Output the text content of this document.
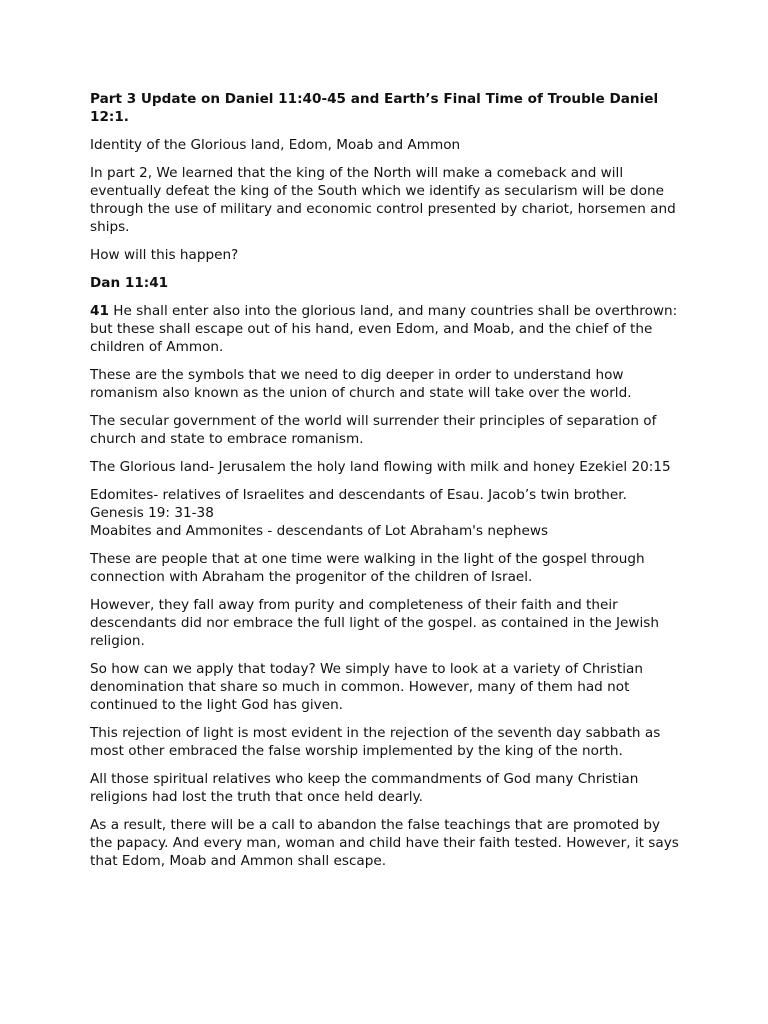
Part 3 Update on Daniel 11:40-45 and Earth’s Final Time of Trouble Daniel 12:1.

Identity of the Glorious land, Edom, Moab and Ammon

In part 2, We learned that the king of the North will make a comeback and will eventually defeat the king of the South which we identify as secularism will be done through the use of military and economic control presented by chariot, horsemen and ships.

How will this happen?

Dan 11:41

41 He shall enter also into the glorious land, and many countries shall be overthrown: but these shall escape out of his hand, even Edom, and Moab, and the chief of the children of Ammon.

These are the symbols that we need to dig deeper in order to understand how romanism also known as the union of church and state will take over the world.

The secular government of the world will surrender their principles of separation of church and state to embrace romanism.

The Glorious land- Jerusalem the holy land flowing with milk and honey Ezekiel 20:15

Edomites- relatives of Israelites and descendants of Esau. Jacob’s twin brother.
Genesis 19: 31-38
Moabites and Ammonites - descendants of Lot Abraham's nephews

These are people that at one time were walking in the light of the gospel through connection with Abraham the progenitor of the children of Israel.

However, they fall away from purity and completeness of their faith and their descendants did nor embrace the full light of the gospel. as contained in the Jewish religion.

So how can we apply that today? We simply have to look at a variety of Christian denomination that share so much in common. However, many of them had not continued to the light God has given.

This rejection of light is most evident in the rejection of the seventh day sabbath as most other embraced the false worship implemented by the king of the north.

All those spiritual relatives who keep the commandments of God many Christian religions had lost the truth that once held dearly.

As a result, there will be a call to abandon the false teachings that are promoted by the papacy. And every man, woman and child have their faith tested. However, it says that Edom, Moab and Ammon shall escape.
